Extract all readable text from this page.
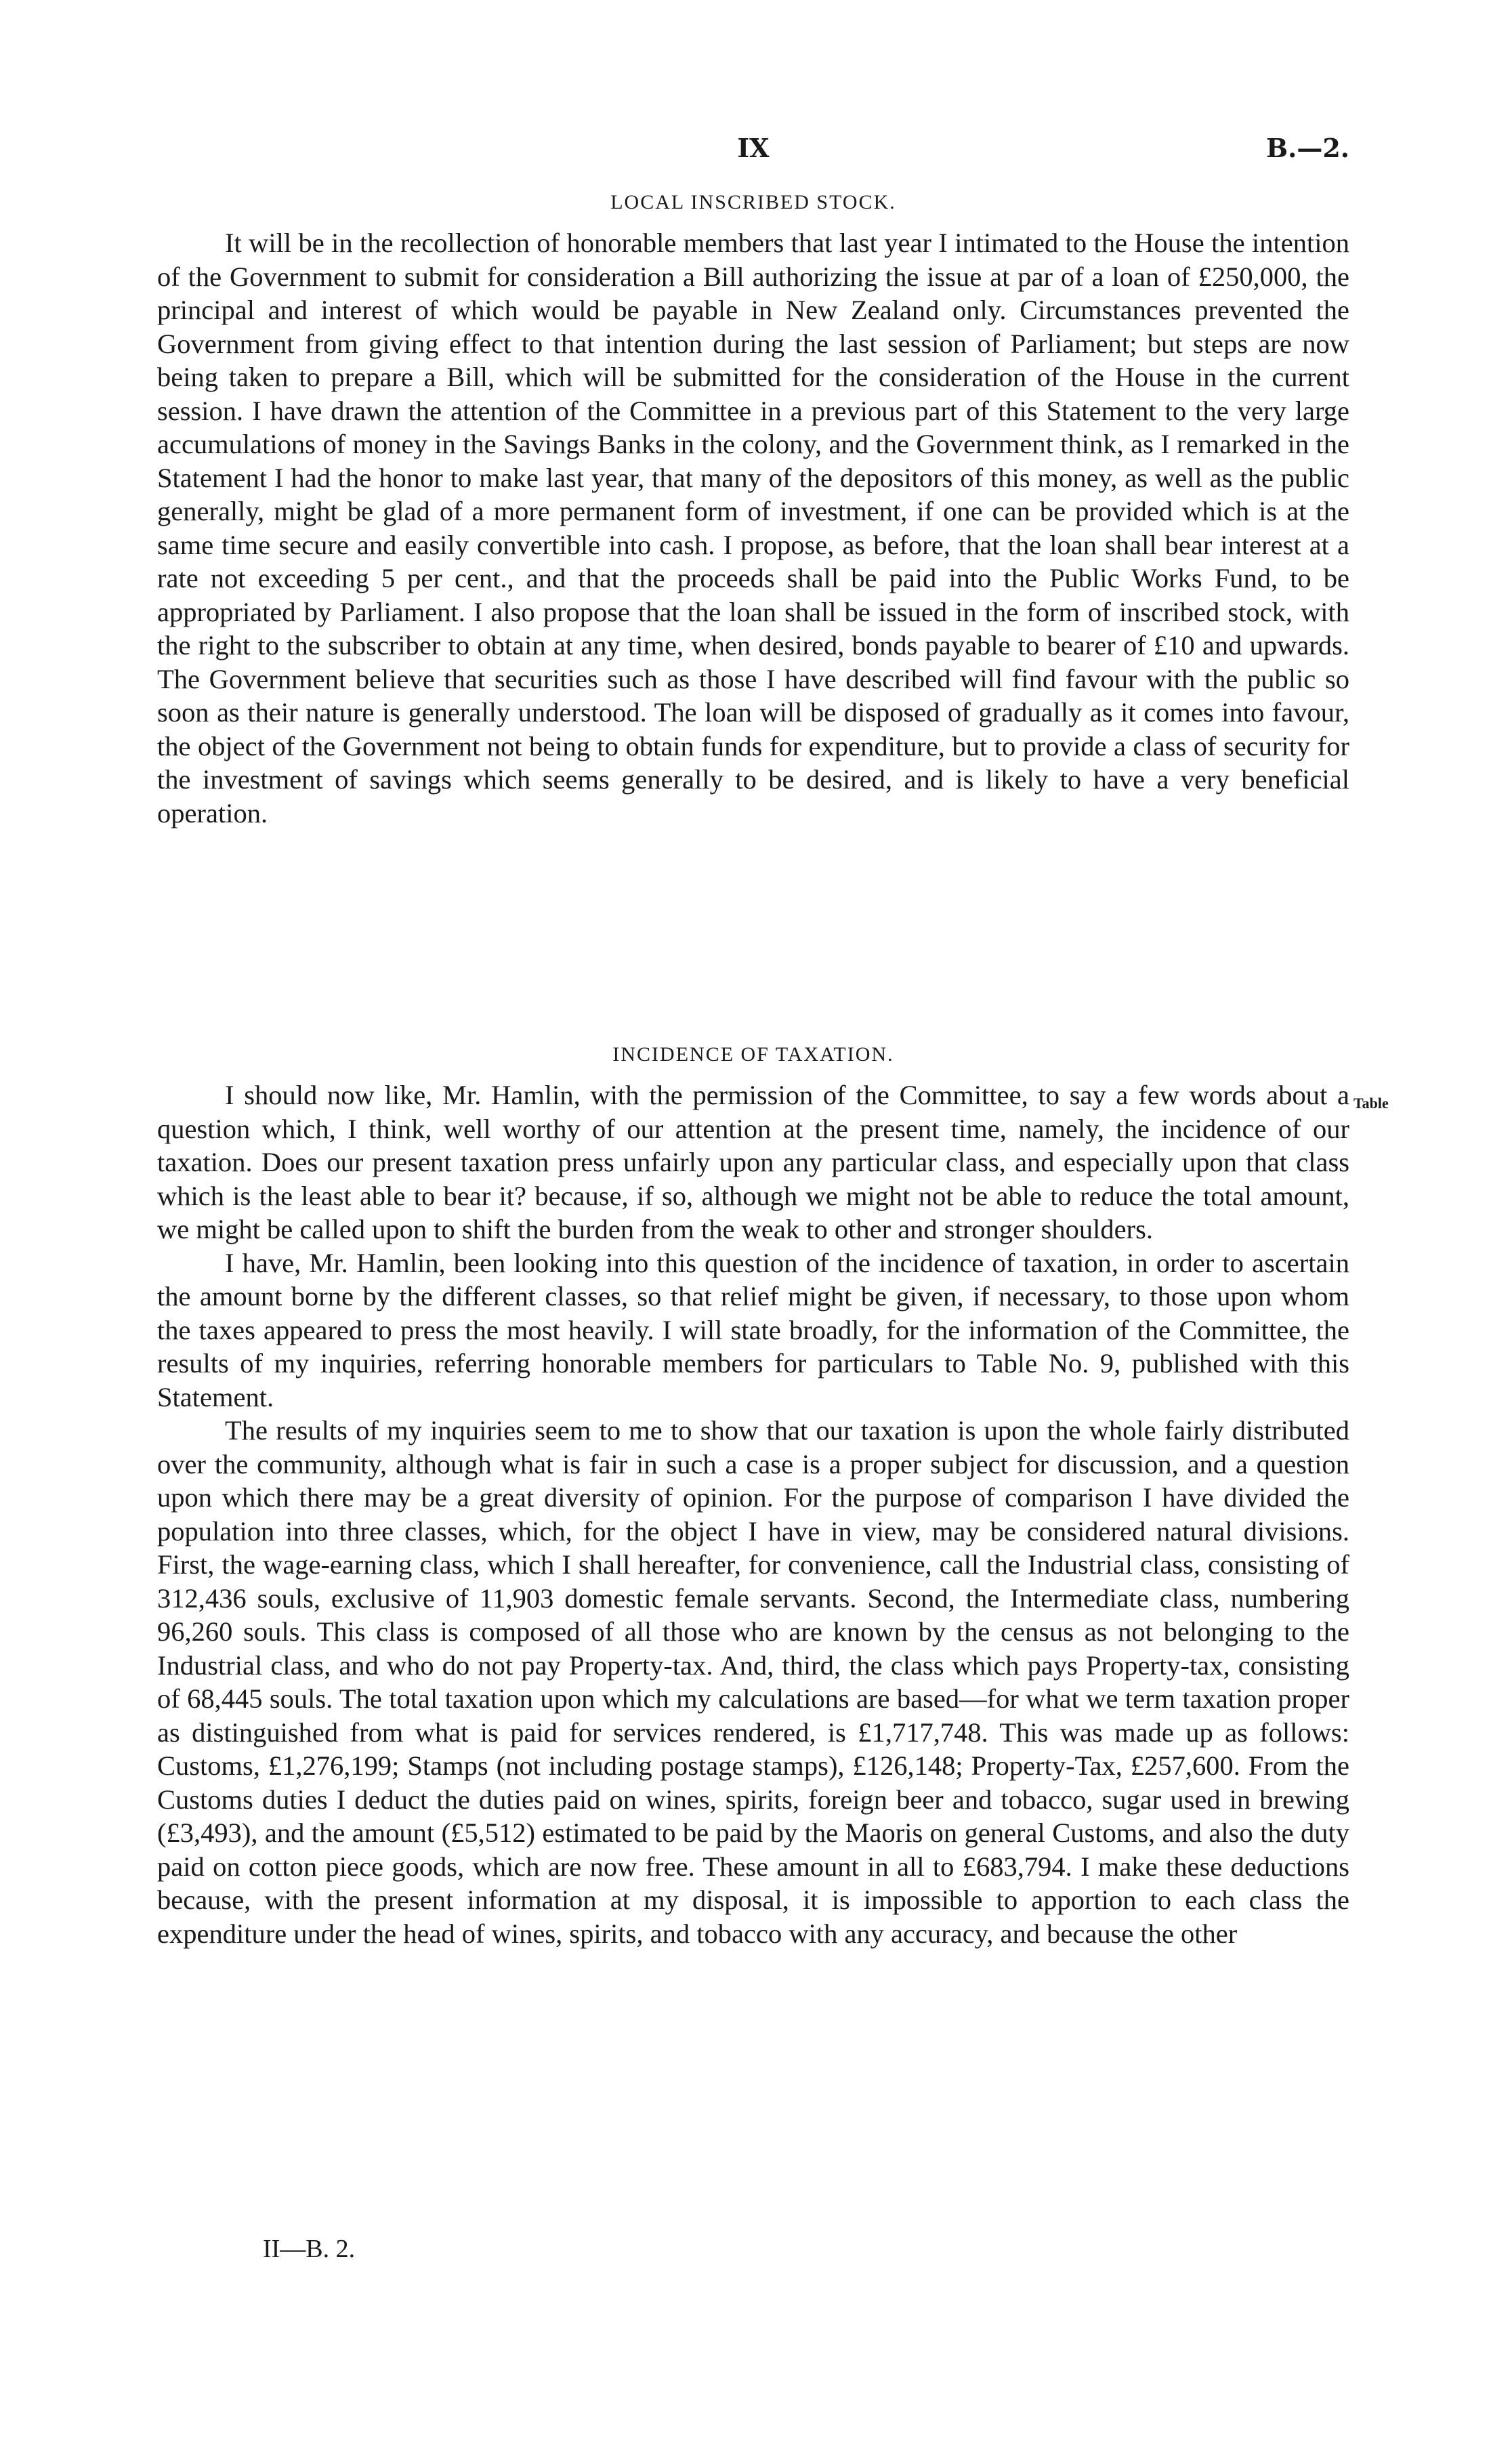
IX	B.—2.
LOCAL INSCRIBED STOCK.

It will be in the recollection of honorable members that last year I intimated to the House the intention of the Government to submit for consideration a Bill authorizing the issue at par of a loan of £250,000, the principal and interest of which would be payable in New Zealand only. Circumstances prevented the Government from giving effect to that intention during the last session of Parliament; but steps are now being taken to prepare a Bill, which will be submitted for the consideration of the House in the current session. I have drawn the attention of the Committee in a previous part of this Statement to the very large accumulations of money in the Savings Banks in the colony, and the Government think, as I remarked in the Statement I had the honor to make last year, that many of the depositors of this money, as well as the public generally, might be glad of a more permanent form of investment, if one can be provided which is at the same time secure and easily convertible into cash. I propose, as before, that the loan shall bear interest at a rate not exceeding 5 per cent., and that the proceeds shall be paid into the Public Works Fund, to be appropriated by Parliament. I also propose that the loan shall be issued in the form of inscribed stock, with the right to the subscriber to obtain at any time, when desired, bonds payable to bearer of £10 and upwards. The Government believe that securities such as those I have described will find favour with the public so soon as their nature is generally understood. The loan will be disposed of gradually as it comes into favour, the object of the Government not being to obtain funds for expenditure, but to provide a class of security for the investment of savings which seems generally to be desired, and is likely to have a very beneficial operation.

INCIDENCE OF TAXATION.
Table

I should now like, Mr. Hamlin, with the permission of the Committee, to say a few words about a question which, I think, well worthy of our attention at the present time, namely, the incidence of our taxation. Does our present taxation press unfairly upon any particular class, and especially upon that class which is the least able to bear it? because, if so, although we might not be able to reduce the total amount, we might be called upon to shift the burden from the weak to other and stronger shoulders.

I have, Mr. Hamlin, been looking into this question of the incidence of taxation, in order to ascertain the amount borne by the different classes, so that relief might be given, if necessary, to those upon whom the taxes appeared to press the most heavily. I will state broadly, for the information of the Committee, the results of my inquiries, referring honorable members for particulars to Table No. 9, published with this Statement.

The results of my inquiries seem to me to show that our taxation is upon the whole fairly distributed over the community, although what is fair in such a case is a proper subject for discussion, and a question upon which there may be a great diversity of opinion. For the purpose of comparison I have divided the population into three classes, which, for the object I have in view, may be considered natural divisions. First, the wage-earning class, which I shall hereafter, for convenience, call the Industrial class, consisting of 312,436 souls, exclusive of 11,903 domestic female servants. Second, the Intermediate class, numbering 96,260 souls. This class is composed of all those who are known by the census as not belonging to the Industrial class, and who do not pay Property-tax. And, third, the class which pays Property-tax, consisting of 68,445 souls. The total taxation upon which my calculations are based—for what we term taxation proper as distinguished from what is paid for services rendered, is £1,717,748. This was made up as follows: Customs, £1,276,199; Stamps (not including postage stamps), £126,148; Property-Tax, £257,600. From the Customs duties I deduct the duties paid on wines, spirits, foreign beer and tobacco, sugar used in brewing (£3,493), and the amount (£5,512) estimated to be paid by the Maoris on general Customs, and also the duty paid on cotton piece goods, which are now free. These amount in all to £683,794. I make these deductions because, with the present information at my disposal, it is impossible to apportion to each class the expenditure under the head of wines, spirits, and tobacco with any accuracy, and because the other

II—B. 2.
